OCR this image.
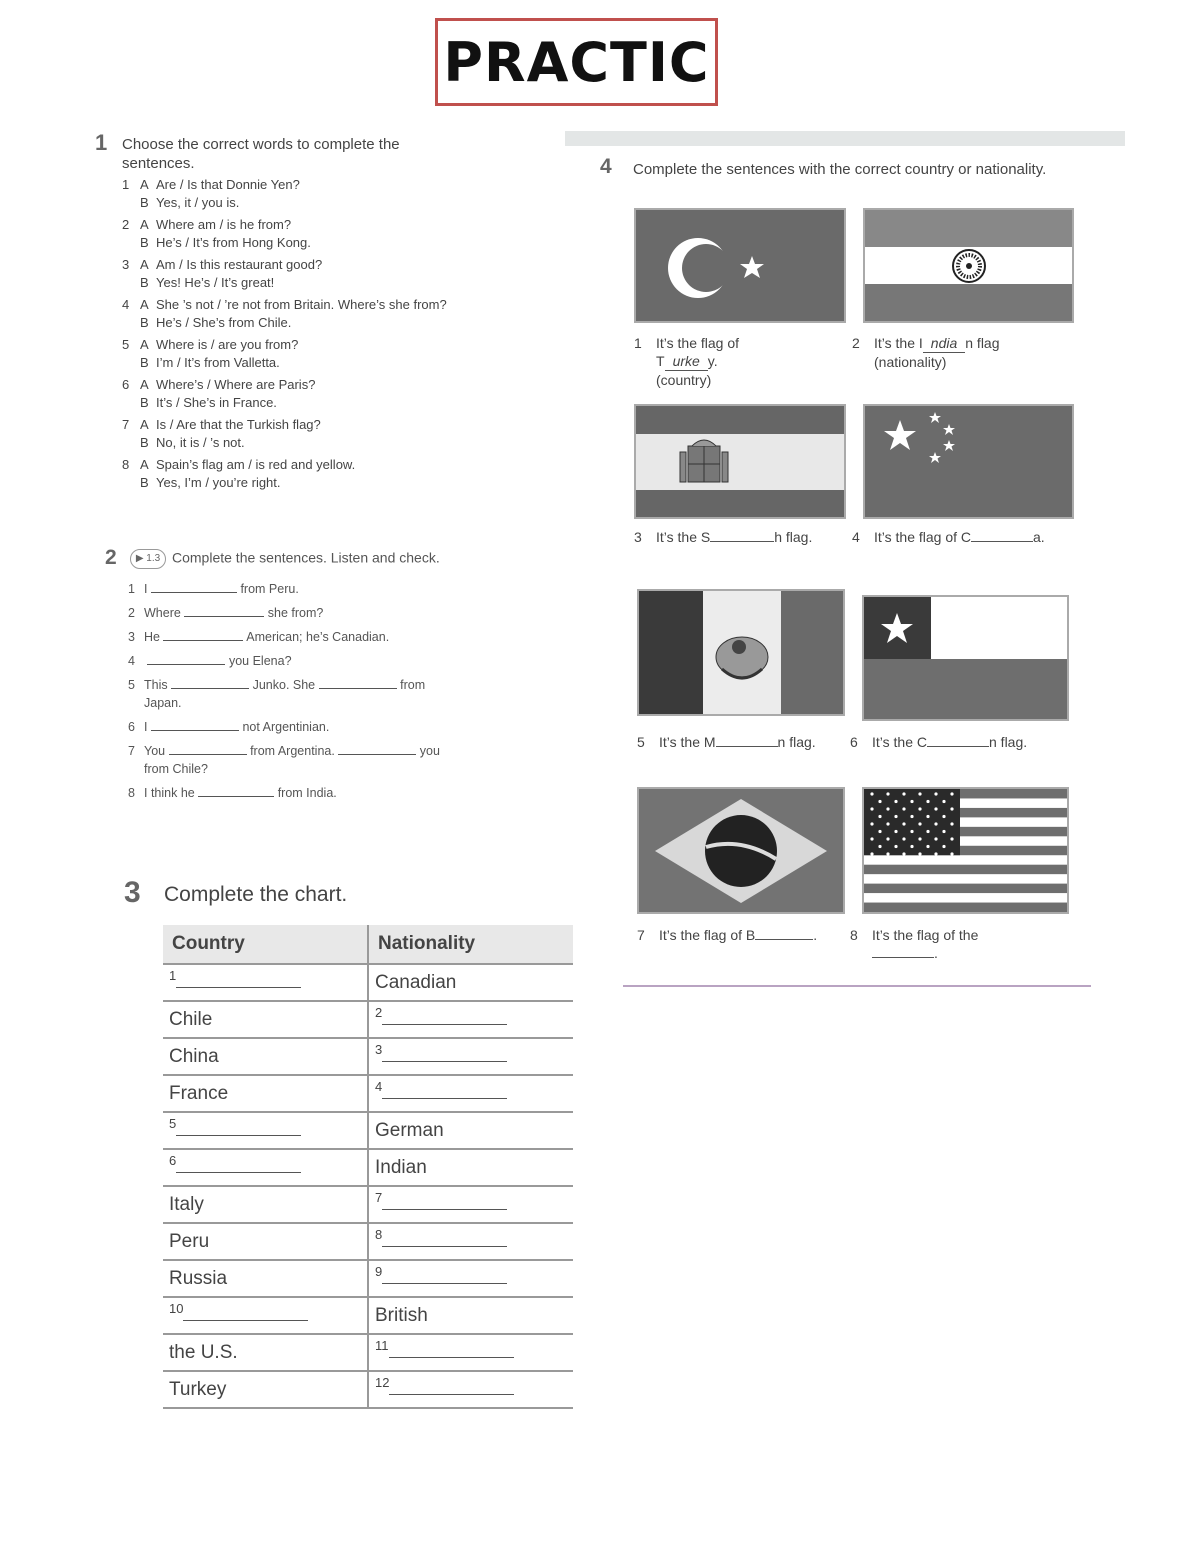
PRACTIC
1 Choose the correct words to complete the sentences.
1 A Are / Is that Donnie Yen?
B Yes, it / you is.
2 A Where am / is he from?
B He’s / It’s from Hong Kong.
3 A Am / Is this restaurant good?
B Yes! He’s / It’s great!
4 A She ’s not / ’re not from Britain. Where’s she from?
B He’s / She’s from Chile.
5 A Where is / are you from?
B I’m / It’s from Valletta.
6 A Where’s / Where are Paris?
B It’s / She’s in France.
7 A Is / Are that the Turkish flag?
B No, it is / ’s not.
8 A Spain’s flag am / is red and yellow.
B Yes, I’m / you’re right.
2	▶ 1.3 Complete the sentences. Listen and check.
1 I	from Peru.
2 Where	she from?
3 He	American; he’s Canadian.
4	you Elena?
5 This	Junko. She	from
Japan.
6 I	not Argentinian.
7 You	from Argentina.	you
from Chile?
8 I think he	from India.
3 Complete the chart.
Country	Nationality
$^1$	Canadian
Chile	$^2$
China	$^3$
France	$^4$
$^5$	German
$^6$	Indian
Italy	$^7$
Peru	$^8$
Russia	$^9$
$^{10}$	British
the U.S.	$^{11}$
Turkey	$^{12}$
4 Complete the sentences with the correct country or nationality.
1 It’s the flag of
T urke y.
(country)
2 It’s the I ndia n flag
(nationality)
3 It’s the S	h flag.	4 It’s the flag of C	a.
5 It’s the M	n flag.	6 It’s the C	n flag.
7 It’s the flag of B	.	8 It’s the flag of the
.
